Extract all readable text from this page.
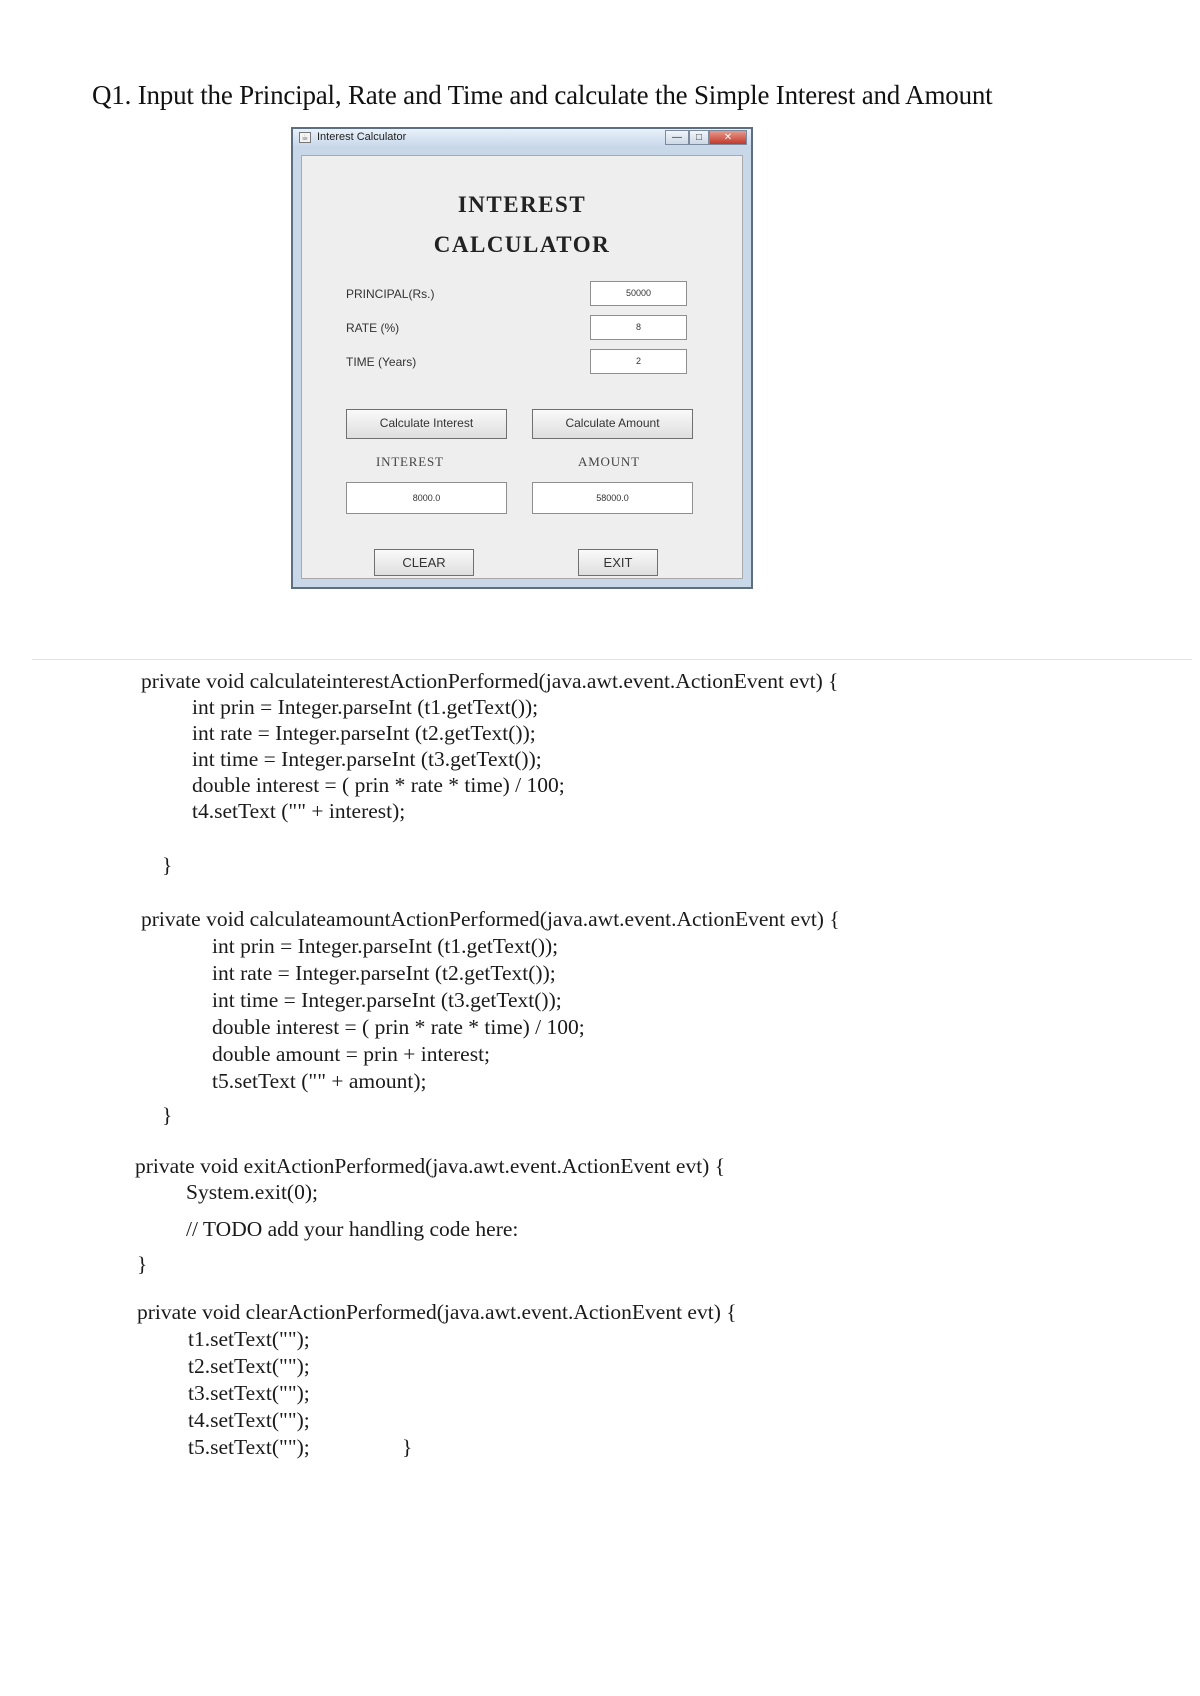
Q1. Input the Principal, Rate and Time and calculate the Simple Interest and Amount
☕ Interest Calculator	—	□	✕
INTEREST
CALCULATOR
PRINCIPAL(Rs.)	50000
RATE (%)	8
TIME (Years)	2
Calculate Interest	Calculate Amount
INTEREST	AMOUNT
8000.0	58000.0
CLEAR	EXIT
private void calculateinterestActionPerformed(java.awt.event.ActionEvent evt) {
int prin = Integer.parseInt (t1.getText());
int rate = Integer.parseInt (t2.getText());
int time = Integer.parseInt (t3.getText());
double interest = ( prin * rate * time) / 100;
t4.setText ("" + interest);
}
private void calculateamountActionPerformed(java.awt.event.ActionEvent evt) {
int prin = Integer.parseInt (t1.getText());
int rate = Integer.parseInt (t2.getText());
int time = Integer.parseInt (t3.getText());
double interest = ( prin * rate * time) / 100;
double amount = prin + interest;
t5.setText ("" + amount);
}
private void exitActionPerformed(java.awt.event.ActionEvent evt) {
System.exit(0);
// TODO add your handling code here:
}
private void clearActionPerformed(java.awt.event.ActionEvent evt) {
t1.setText("");
t2.setText("");
t3.setText("");
t4.setText("");
t5.setText("");	}
